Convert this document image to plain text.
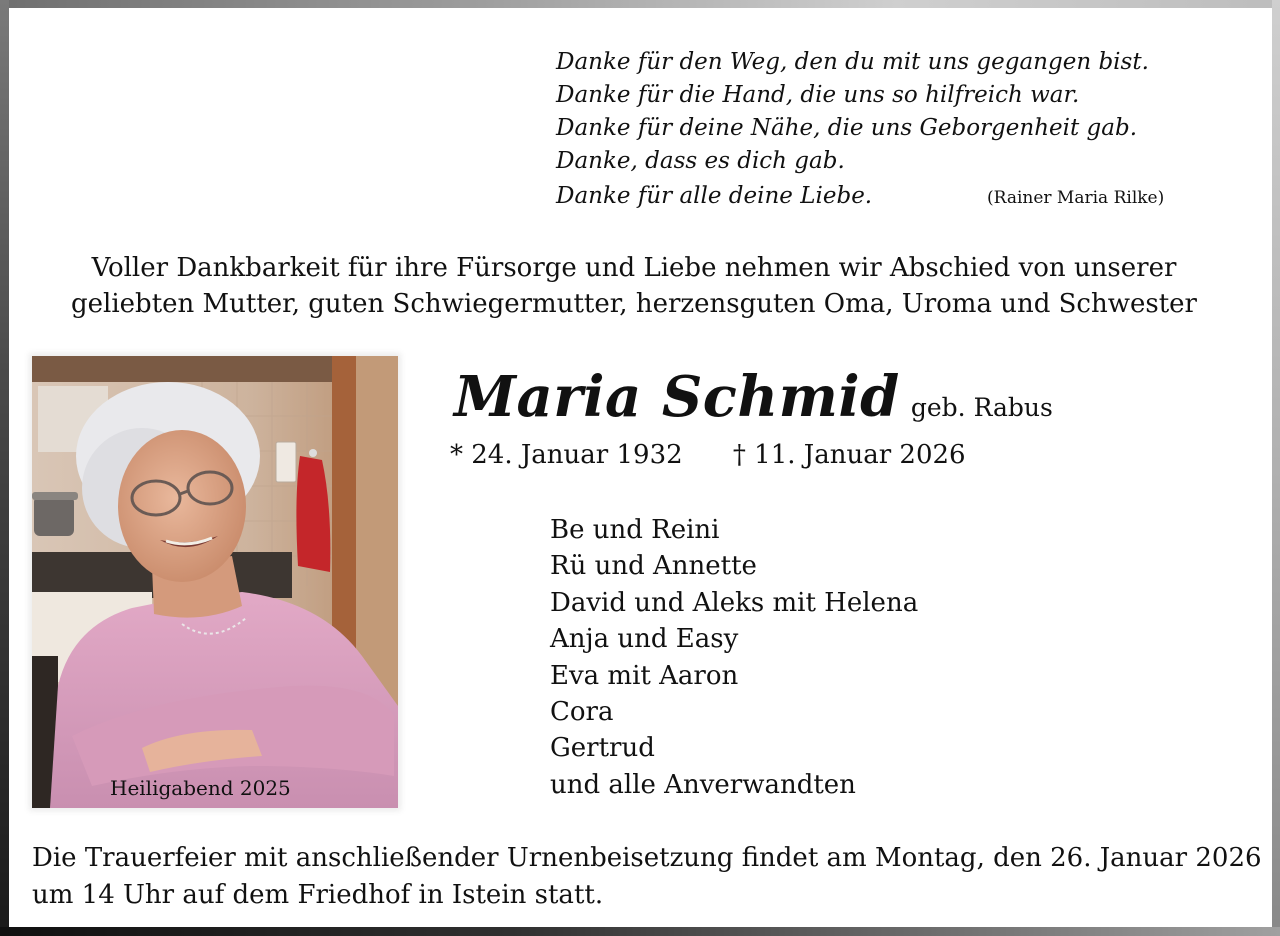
Danke für den Weg, den du mit uns gegangen bist.
Danke für die Hand, die uns so hilfreich war.
Danke für deine Nähe, die uns Geborgenheit gab.
Danke, dass es dich gab.
Danke für alle deine Liebe.	(Rainer Maria Rilke)
Voller Dankbarkeit für ihre Fürsorge und Liebe nehmen wir Abschied von unserer
geliebten Mutter, guten Schwiegermutter, herzensguten Oma, Uroma und Schwester
Heiligabend 2025
Maria Schmid geb. Rabus
* 24. Januar 1932 † 11. Januar 2026
Be und Reini
Rü und Annette
David und Aleks mit Helena
Anja und Easy
Eva mit Aaron
Cora
Gertrud
und alle Anverwandten
Die Trauerfeier mit anschließender Urnenbeisetzung findet am Montag, den 26. Januar 2026
um 14 Uhr auf dem Friedhof in Istein statt.
